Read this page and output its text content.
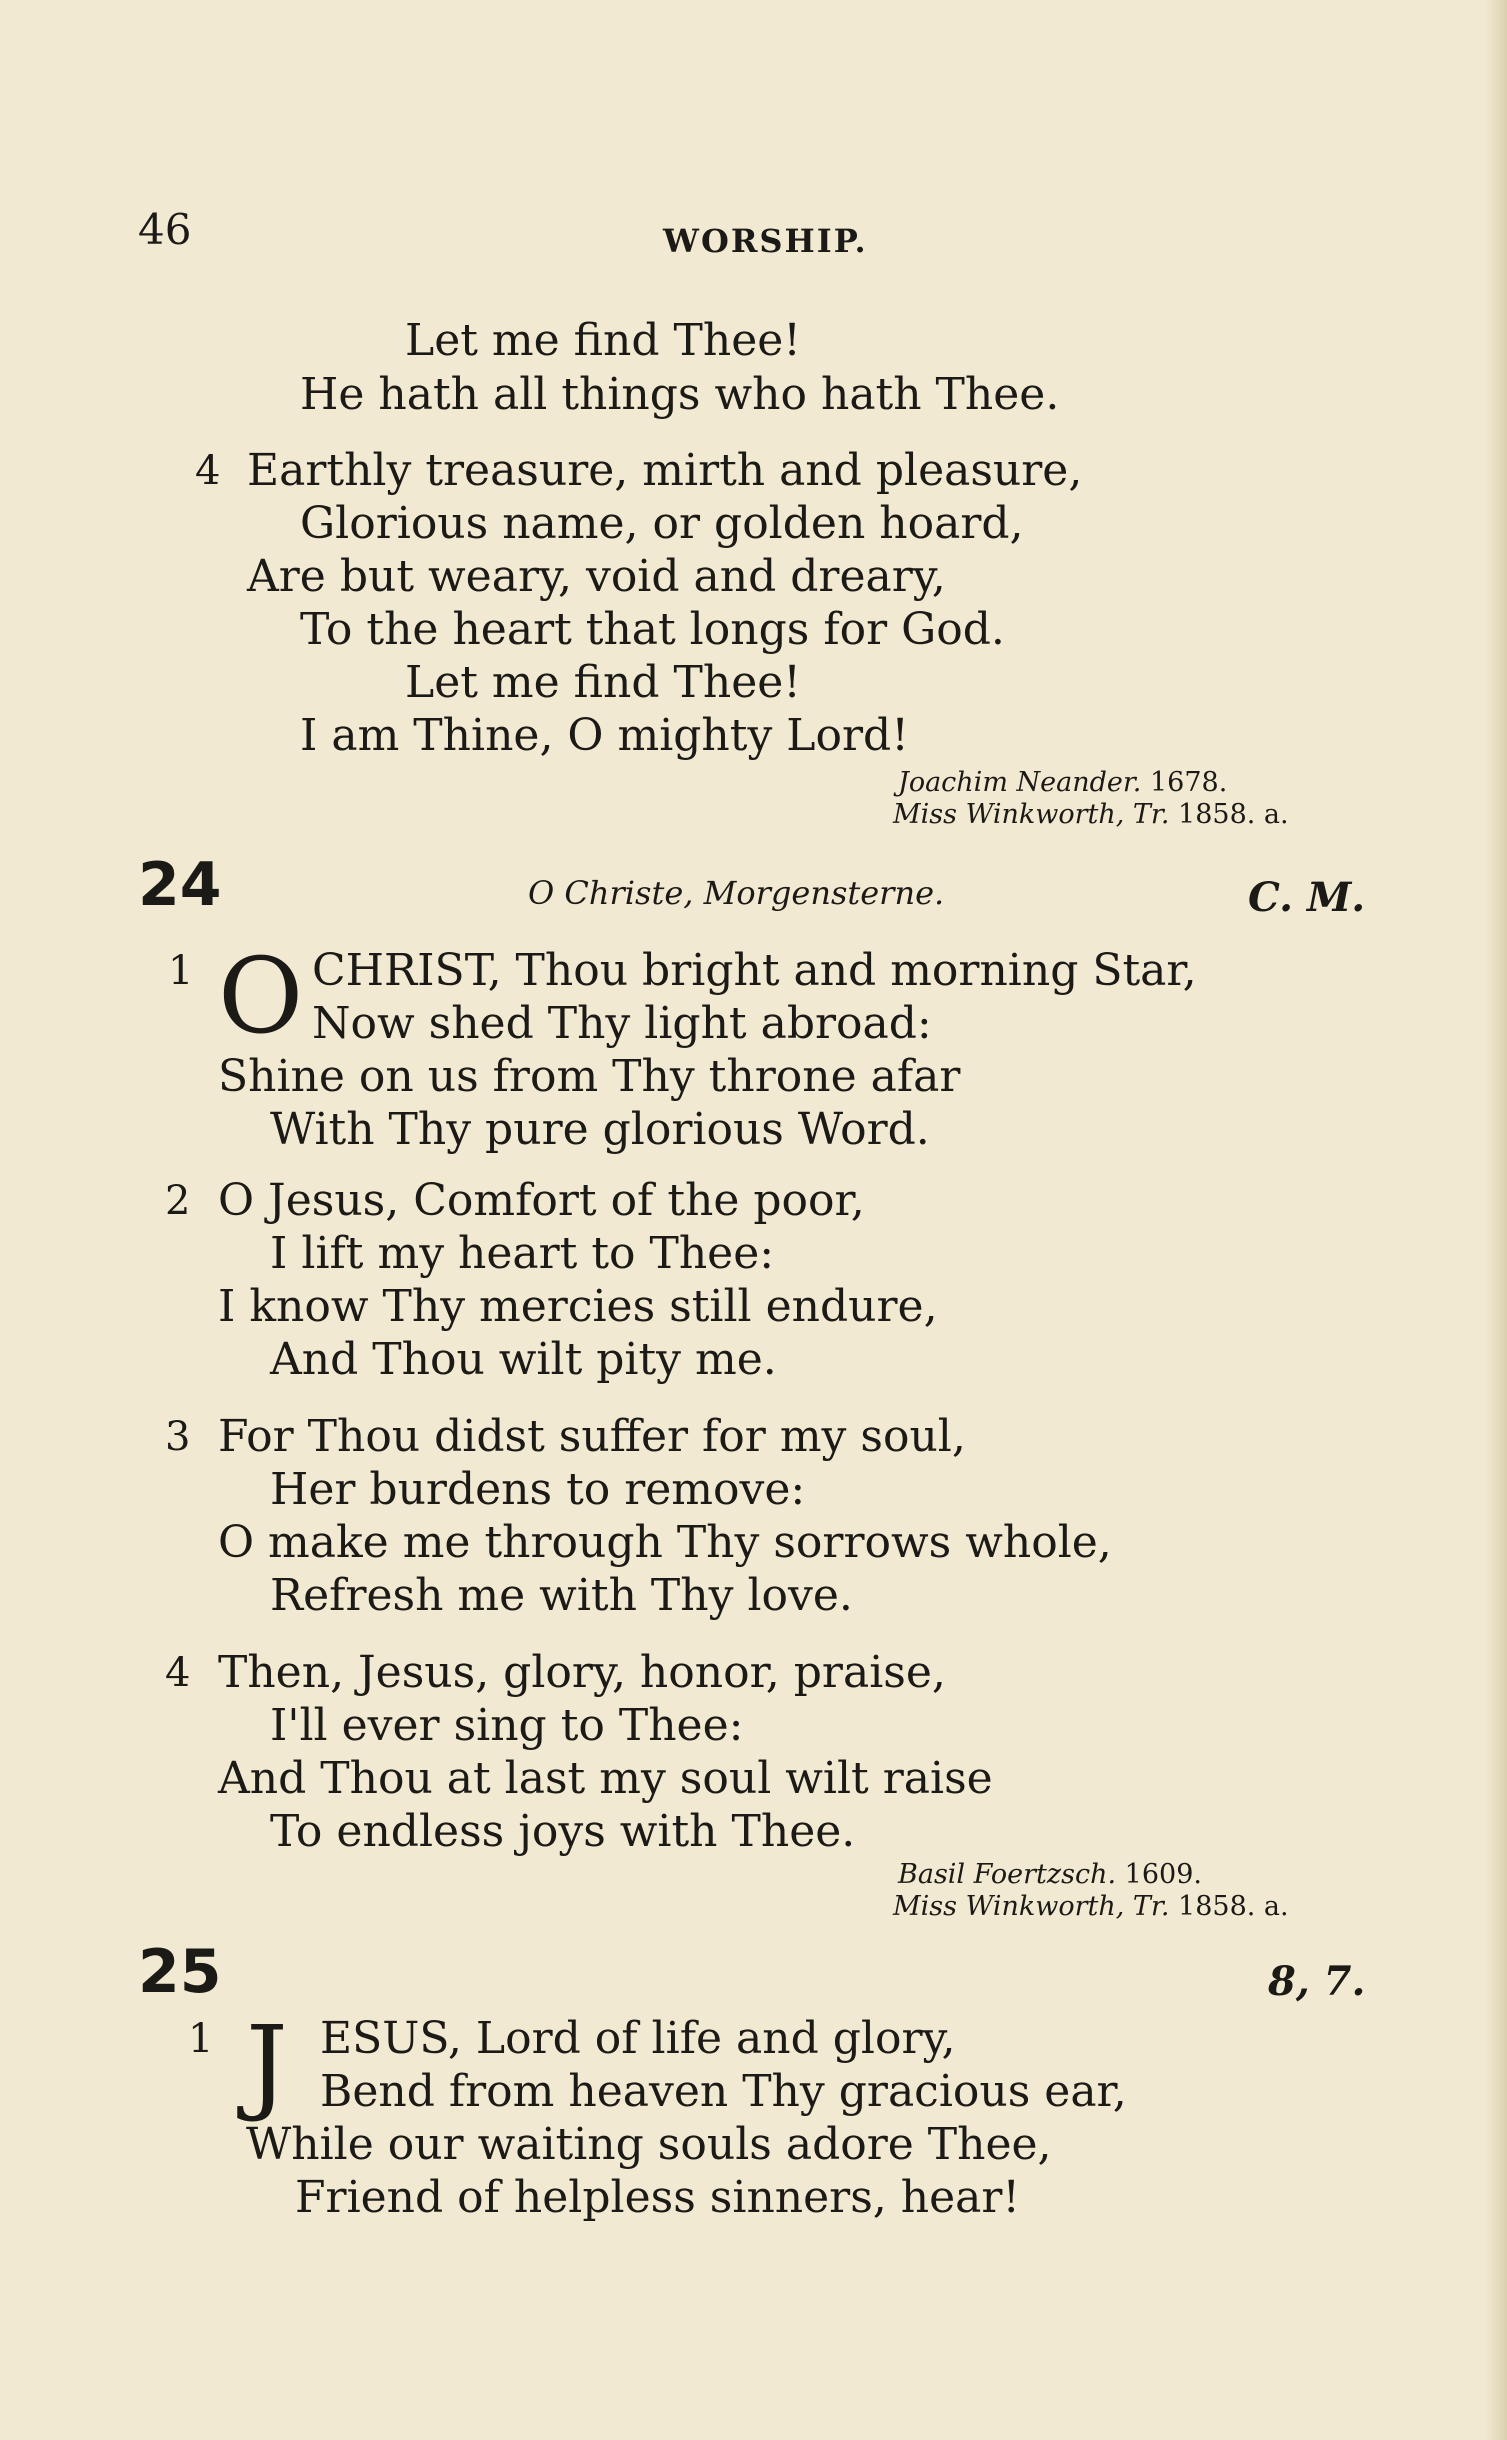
46	WORSHIP.
Let me find Thee!
He hath all things who hath Thee.
4 Earthly treasure, mirth and pleasure,
Glorious name, or golden hoard,
Are but weary, void and dreary,
To the heart that longs for God.
Let me find Thee!
I am Thine, O mighty Lord!
Joachim Neander. 1678.
Miss Winkworth, Tr. 1858. a.
24	O Christe, Morgensterne.	C. M.
1 O CHRIST, Thou bright and morning Star,
Now shed Thy light abroad:
Shine on us from Thy throne afar
With Thy pure glorious Word.
2 O Jesus, Comfort of the poor,
I lift my heart to Thee:
I know Thy mercies still endure,
And Thou wilt pity me.
3 For Thou didst suffer for my soul,
Her burdens to remove:
O make me through Thy sorrows whole,
Refresh me with Thy love.
4 Then, Jesus, glory, honor, praise,
I'll ever sing to Thee:
And Thou at last my soul wilt raise
To endless joys with Thee.
Basil Foertzsch. 1609.
Miss Winkworth, Tr. 1858. a.
25	8, 7.
1 J ESUS, Lord of life and glory,
Bend from heaven Thy gracious ear,
While our waiting souls adore Thee,
Friend of helpless sinners, hear!
